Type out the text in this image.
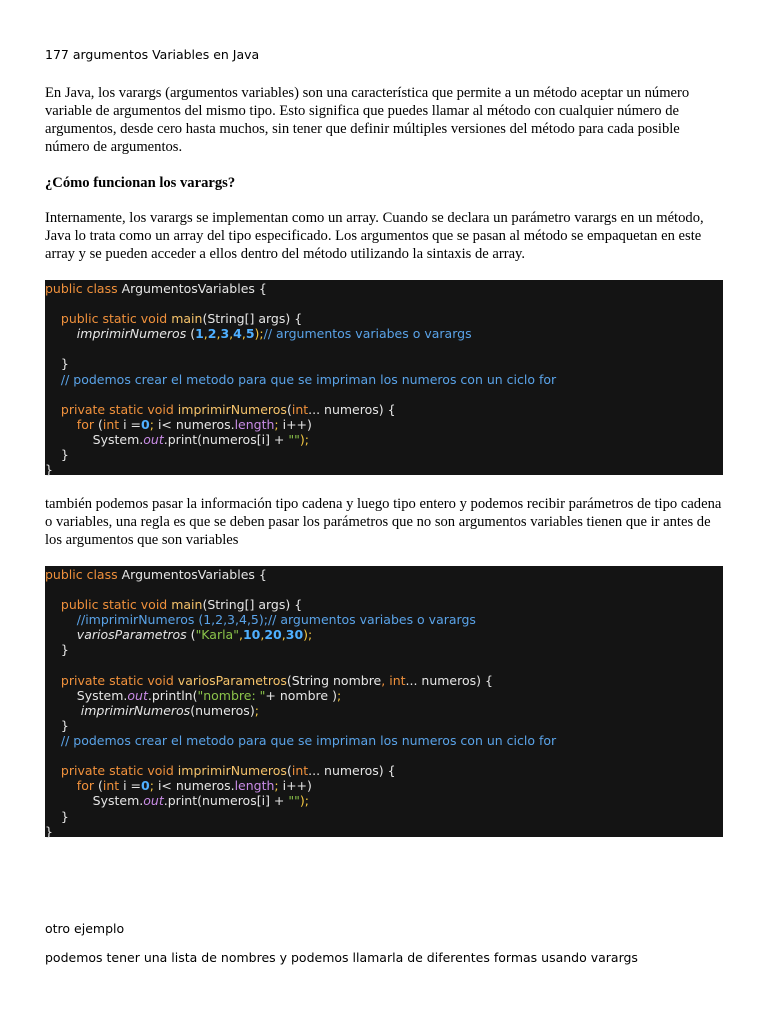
177 argumentos Variables en Java

En Java, los varargs (argumentos variables) son una característica que permite a un método aceptar un número variable de argumentos del mismo tipo. Esto significa que puedes llamar al método con cualquier número de argumentos, desde cero hasta muchos, sin tener que definir múltiples versiones del método para cada posible número de argumentos.

¿Cómo funcionan los varargs?

Internamente, los varargs se implementan como un array. Cuando se declara un parámetro varargs en un método, Java lo trata como un array del tipo especificado. Los argumentos que se pasan al método se empaquetan en este array y se pueden acceder a ellos dentro del método utilizando la sintaxis de array.

public class ArgumentosVariables {

public static void main(String[] args) {
imprimirNumeros (1,2,3,4,5);// argumentos variabes o varargs

}
// podemos crear el metodo para que se impriman los numeros con un ciclo for

private static void imprimirNumeros(int... numeros) {
for (int i =0; i< numeros.length; i++)
System.out.print(numeros[i] + "");
}
}

también podemos pasar la información tipo cadena y luego tipo entero y podemos recibir parámetros de tipo cadena o variables, una regla es que se deben pasar los parámetros que no son argumentos variables tienen que ir antes de los argumentos que son variables

public class ArgumentosVariables {

public static void main(String[] args) {
//imprimirNumeros (1,2,3,4,5);// argumentos variabes o varargs
variosParametros ("Karla",10,20,30);
}

private static void variosParametros(String nombre, int... numeros) {
System.out.println("nombre: "+ nombre );
imprimirNumeros(numeros);
}
// podemos crear el metodo para que se impriman los numeros con un ciclo for

private static void imprimirNumeros(int... numeros) {
for (int i =0; i< numeros.length; i++)
System.out.print(numeros[i] + "");
}
}
otro ejemplo
podemos tener una lista de nombres y podemos llamarla de diferentes formas usando varargs
